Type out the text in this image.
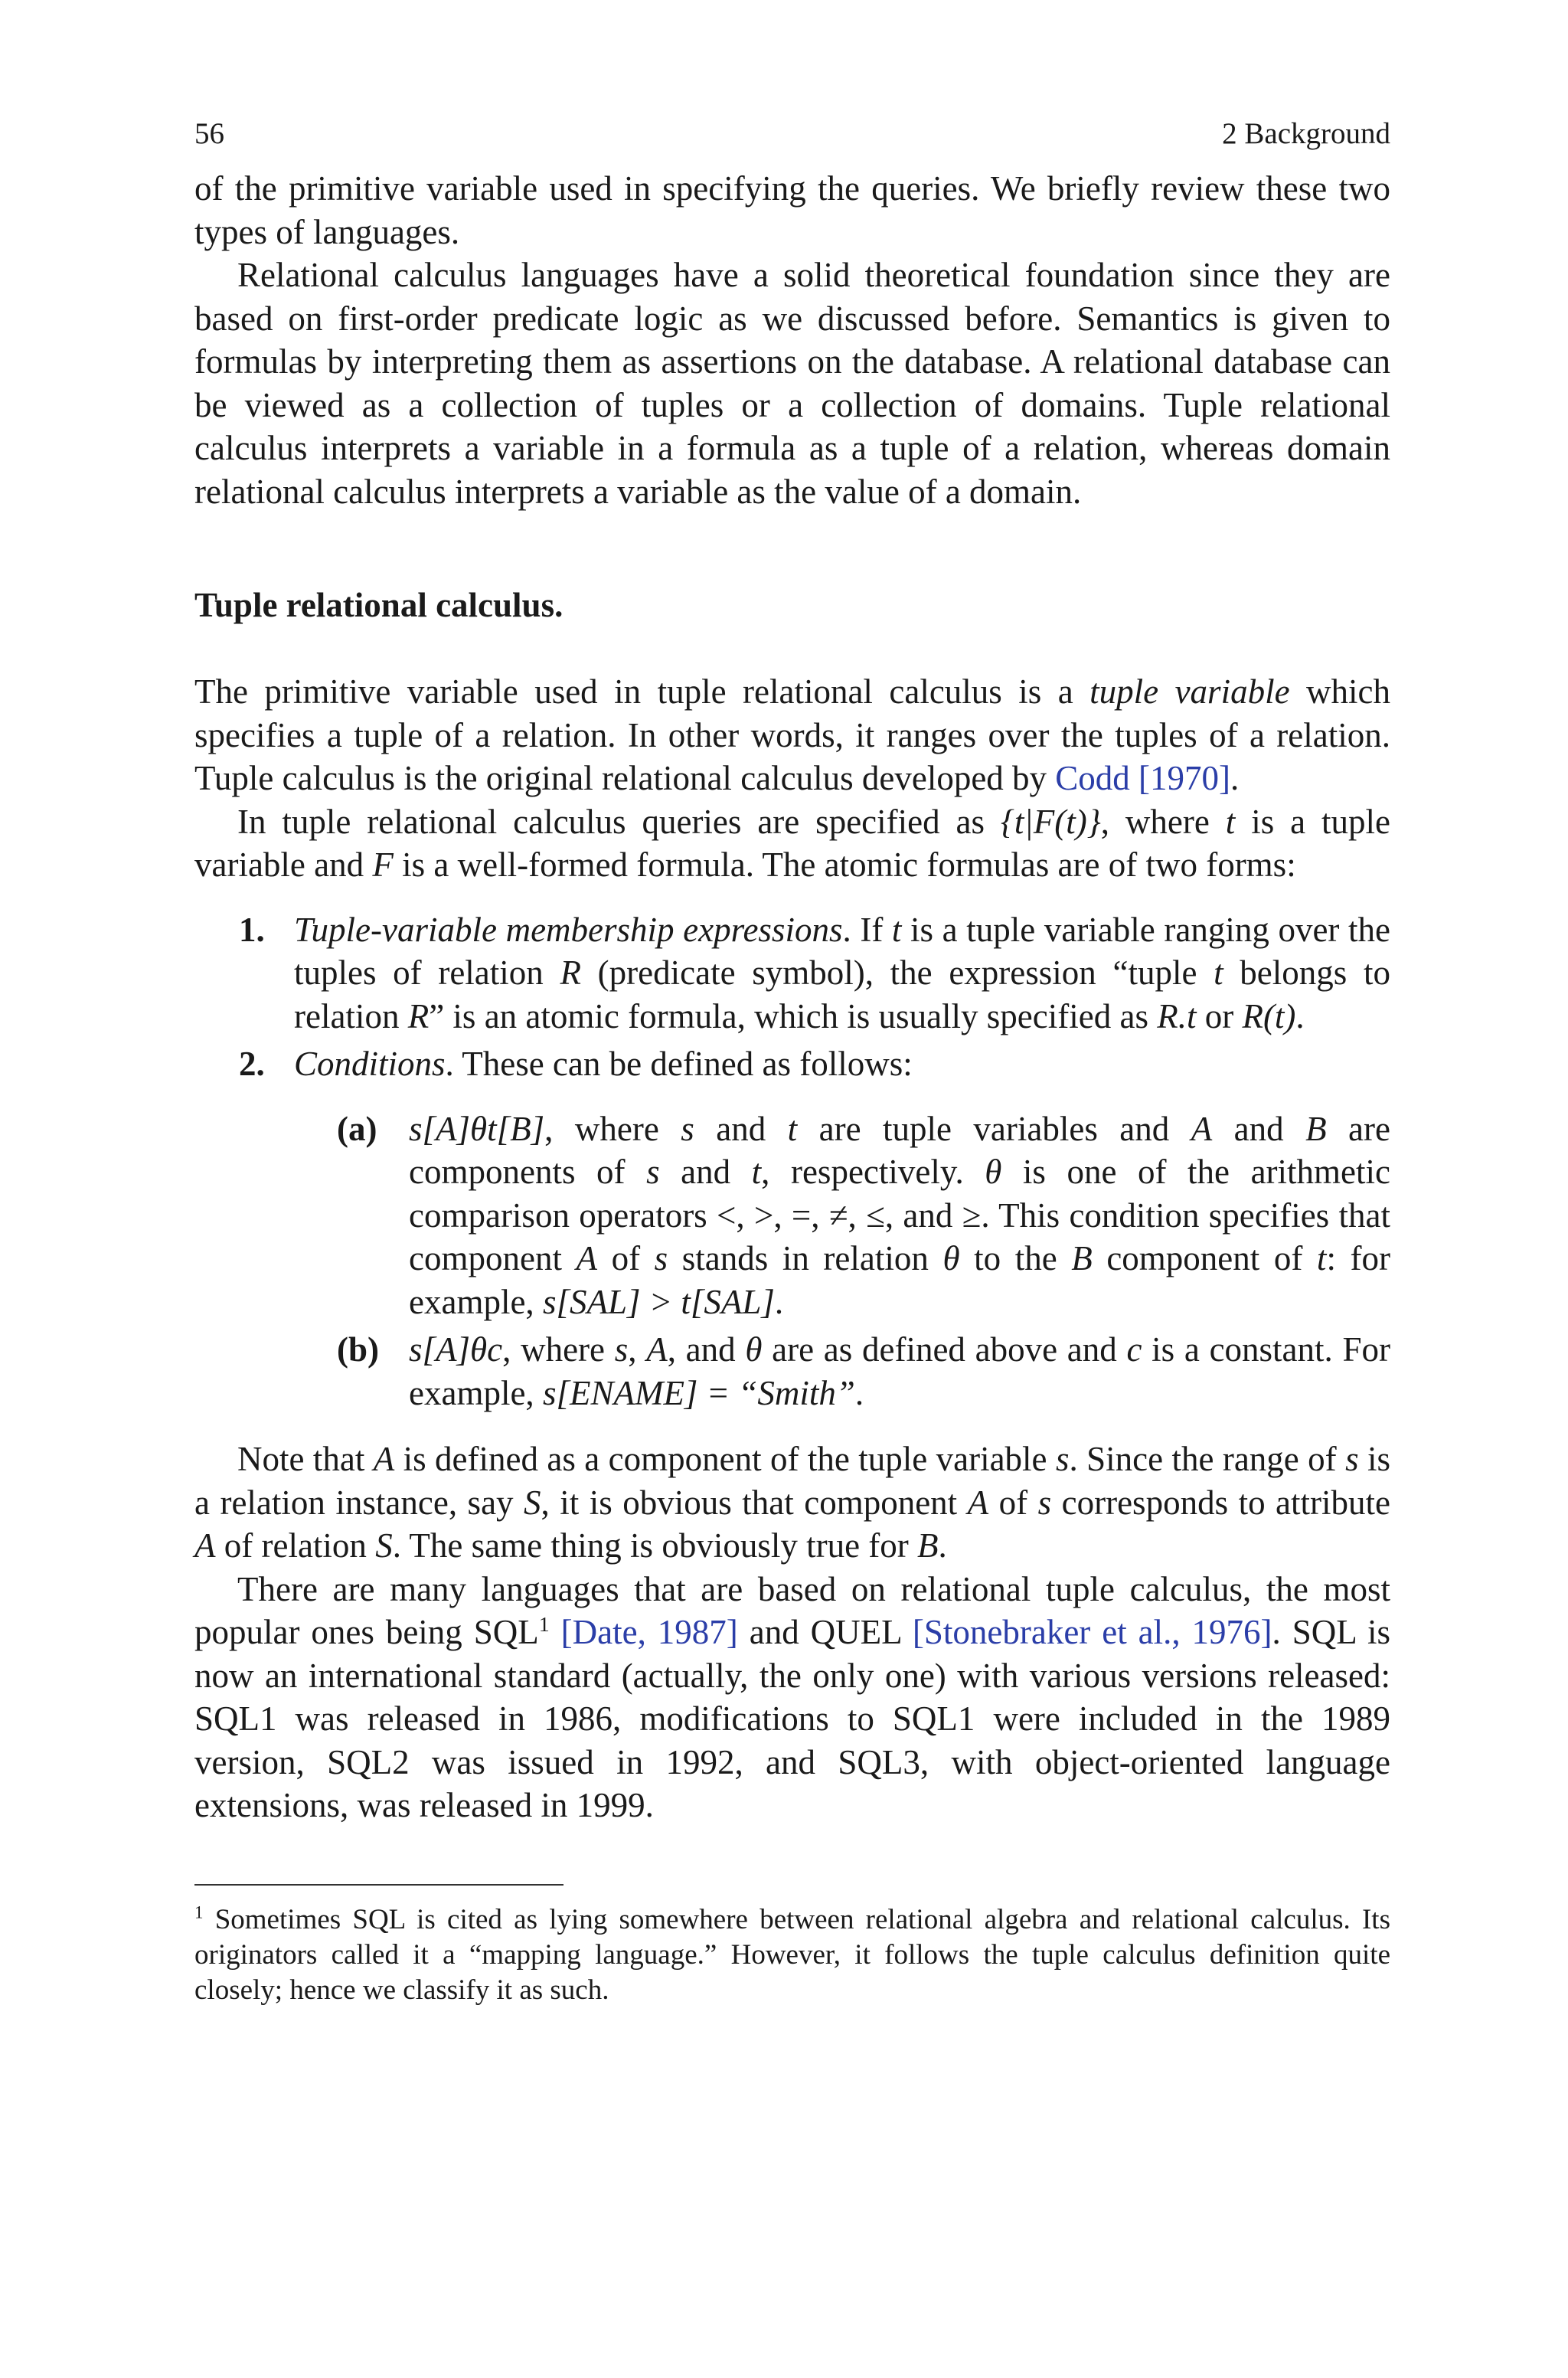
56	2 Background

of the primitive variable used in specifying the queries. We briefly review these two types of languages.

Relational calculus languages have a solid theoretical foundation since they are based on first-order predicate logic as we discussed before. Semantics is given to formulas by interpreting them as assertions on the database. A relational database can be viewed as a collection of tuples or a collection of domains. Tuple relational calculus interprets a variable in a formula as a tuple of a relation, whereas domain relational calculus interprets a variable as the value of a domain.

Tuple relational calculus.

The primitive variable used in tuple relational calculus is a tuple variable which specifies a tuple of a relation. In other words, it ranges over the tuples of a relation. Tuple calculus is the original relational calculus developed by Codd [1970].

In tuple relational calculus queries are specified as {t|F(t)}, where t is a tuple variable and F is a well-formed formula. The atomic formulas are of two forms:

1. Tuple-variable membership expressions. If t is a tuple variable ranging over the tuples of relation R (predicate symbol), the expression “tuple t belongs to relation R” is an atomic formula, which is usually specified as R.t or R(t).

2. Conditions. These can be defined as follows:

(a) s[A]θt[B], where s and t are tuple variables and A and B are components of s and t, respectively. θ is one of the arithmetic comparison operators <, >, =, ≠, ≤, and ≥. This condition specifies that component A of s stands in relation θ to the B component of t: for example, s[SAL] > t[SAL].

(b) s[A]θc, where s, A, and θ are as defined above and c is a constant. For example, s[ENAME] = “Smith”.

Note that A is defined as a component of the tuple variable s. Since the range of s is a relation instance, say S, it is obvious that component A of s corresponds to attribute A of relation S. The same thing is obviously true for B.

There are many languages that are based on relational tuple calculus, the most popular ones being SQL$^1$ [Date, 1987] and QUEL [Stonebraker et al., 1976]. SQL is now an international standard (actually, the only one) with various versions released: SQL1 was released in 1986, modifications to SQL1 were included in the 1989 version, SQL2 was issued in 1992, and SQL3, with object-oriented language extensions, was released in 1999.

$^1$ Sometimes SQL is cited as lying somewhere between relational algebra and relational calculus. Its originators called it a “mapping language.” However, it follows the tuple calculus definition quite closely; hence we classify it as such.
